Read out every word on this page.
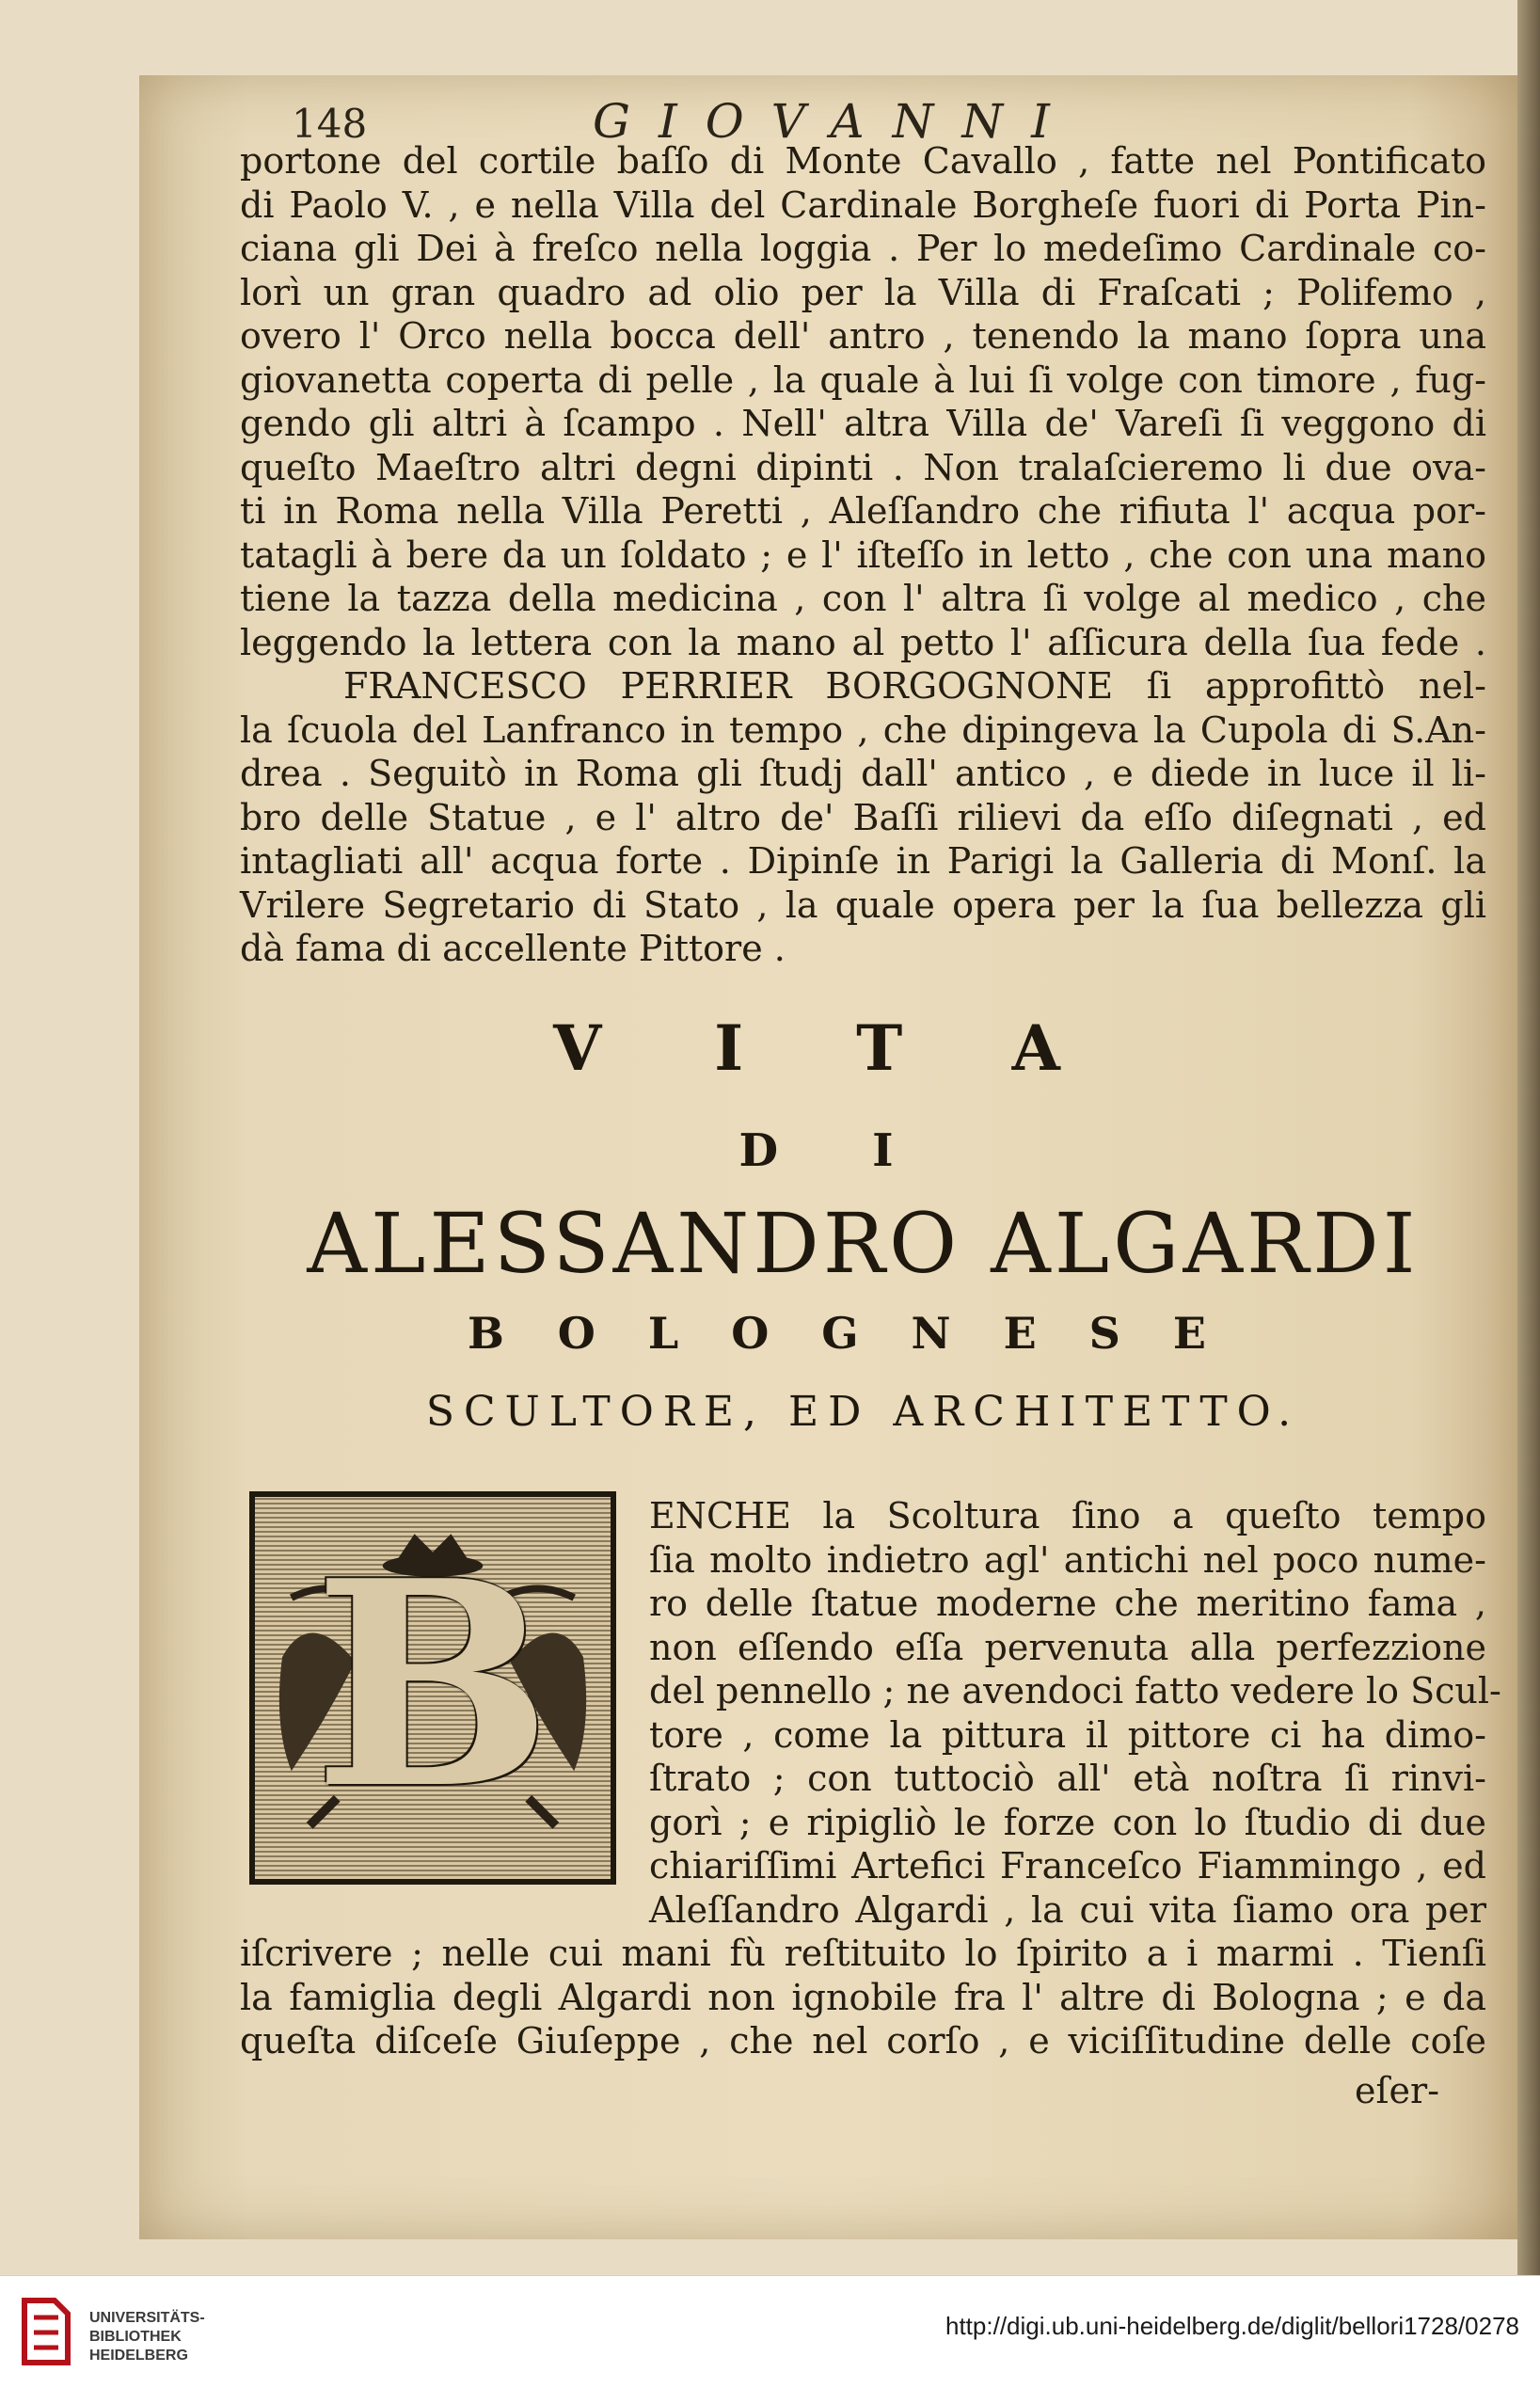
148	GIOVANNI
portone del cortile baſſo di Monte Cavallo , fatte nel Pontificato
di Paolo V. , e nella Villa del Cardinale Borgheſe fuori di Porta Pin-
ciana gli Dei à freſco nella loggia . Per lo medeſimo Cardinale co-
lorì un gran quadro ad olio per la Villa di Fraſcati ; Polifemo ,
overo l' Orco nella bocca dell' antro , tenendo la mano ſopra una
giovanetta coperta di pelle , la quale à lui ſi volge con timore , fug-
gendo gli altri à ſcampo . Nell' altra Villa de' Vareſi ſi veggono di
queſto Maeſtro altri degni dipinti . Non tralaſcieremo li due ova-
ti in Roma nella Villa Peretti , Aleſſandro che rifiuta l' acqua por-
tatagli à bere da un ſoldato ; e l' iſteſſo in letto , che con una mano
tiene la tazza della medicina , con l' altra ſi volge al medico , che
leggendo la lettera con la mano al petto l' aſſicura della ſua fede .
FRANCESCO PERRIER BORGOGNONE ſi approfittò nel-
la ſcuola del Lanfranco in tempo , che dipingeva la Cupola di S.An-
drea . Seguitò in Roma gli ſtudj dall' antico , e diede in luce il li-
bro delle Statue , e l' altro de' Baſſi rilievi da eſſo diſegnati , ed
intagliati all' acqua forte . Dipinſe in Parigi la Galleria di Monſ. la
Vrilere Segretario di Stato , la quale opera per la ſua bellezza gli
dà fama di accellente Pittore .
VITA
DI
ALESSANDRO ALGARDI
BOLOGNESE
SCULTORE, ED ARCHITETTO.
B
ENCHE la Scoltura ſino a queſto tempo
ſia molto indietro agl' antichi nel poco nume-
ro delle ſtatue moderne che meritino fama ,
non eſſendo eſſa pervenuta alla perfezzione
del pennello ; ne avendoci fatto vedere lo Scul-
tore , come la pittura il pittore ci ha dimo-
ſtrato ; con tuttociò all' età noſtra ſi rinvi-
gorì ; e ripigliò le forze con lo ſtudio di due
chiariſſimi Artefici Franceſco Fiammingo , ed
Aleſſandro Algardi , la cui vita ſiamo ora per
iſcrivere ; nelle cui mani fù reſtituito lo ſpirito a i marmi . Tienſi
la famiglia degli Algardi non ignobile fra l' altre di Bologna ; e da
queſta diſceſe Giuſeppe , che nel corſo , e viciſſitudine delle coſe
eſer-
UNIVERSITÄTS-
BIBLIOTHEK
HEIDELBERG
http://digi.ub.uni-heidelberg.de/diglit/bellori1728/0278
